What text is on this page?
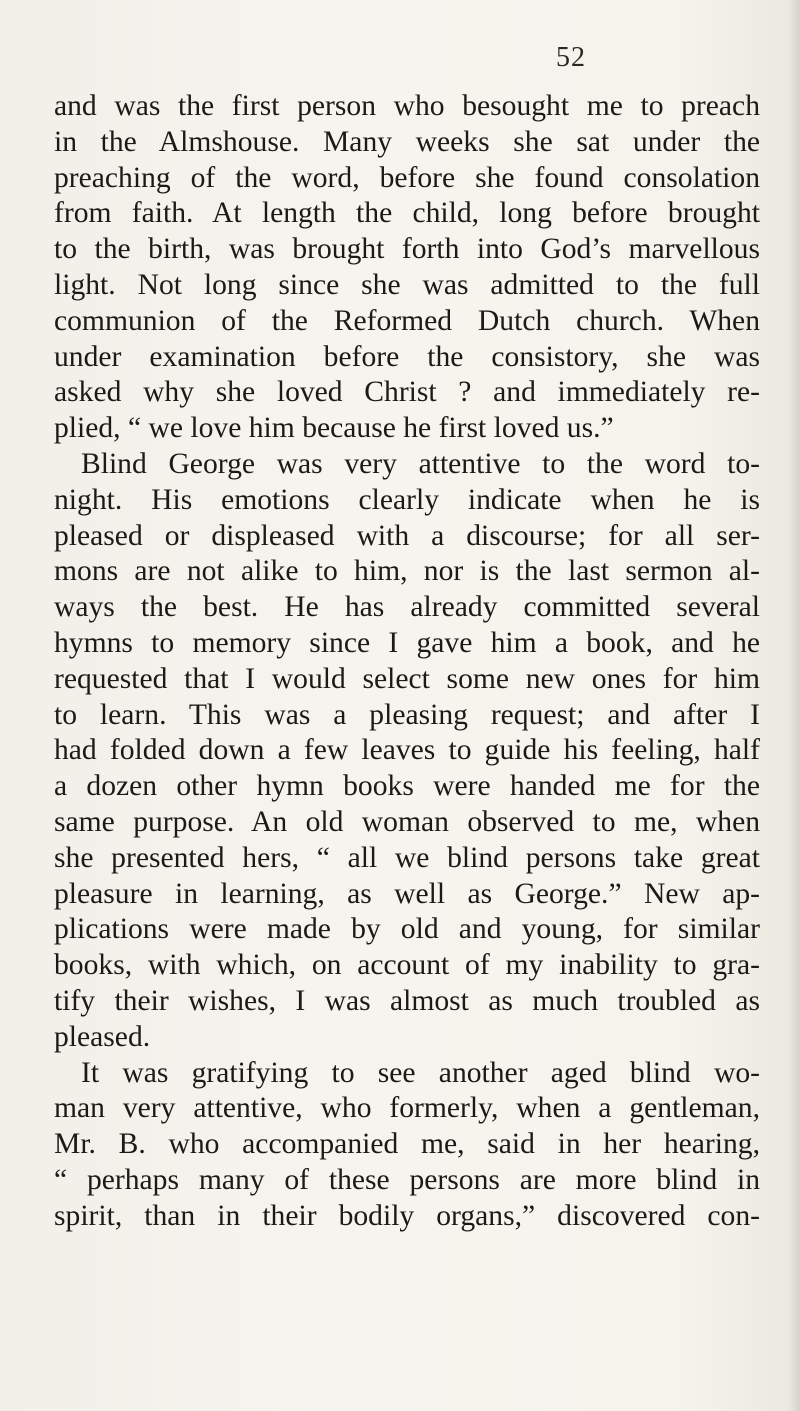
52
and was the first person who besought me to preach
in the Almshouse. Many weeks she sat under the
preaching of the word, before she found consolation
from faith. At length the child, long before brought
to the birth, was brought forth into God’s marvellous
light. Not long since she was admitted to the full
communion of the Reformed Dutch church. When
under examination before the consistory, she was
asked why she loved Christ ? and immediately re-
plied, “ we love him because he first loved us.”
Blind George was very attentive to the word to-
night. His emotions clearly indicate when he is
pleased or displeased with a discourse; for all ser-
mons are not alike to him, nor is the last sermon al-
ways the best. He has already committed several
hymns to memory since I gave him a book, and he
requested that I would select some new ones for him
to learn. This was a pleasing request; and after I
had folded down a few leaves to guide his feeling, half
a dozen other hymn books were handed me for the
same purpose. An old woman observed to me, when
she presented hers, “ all we blind persons take great
pleasure in learning, as well as George.” New ap-
plications were made by old and young, for similar
books, with which, on account of my inability to gra-
tify their wishes, I was almost as much troubled as
pleased.
It was gratifying to see another aged blind wo-
man very attentive, who formerly, when a gentleman,
Mr. B. who accompanied me, said in her hearing,
“ perhaps many of these persons are more blind in
spirit, than in their bodily organs,” discovered con-
